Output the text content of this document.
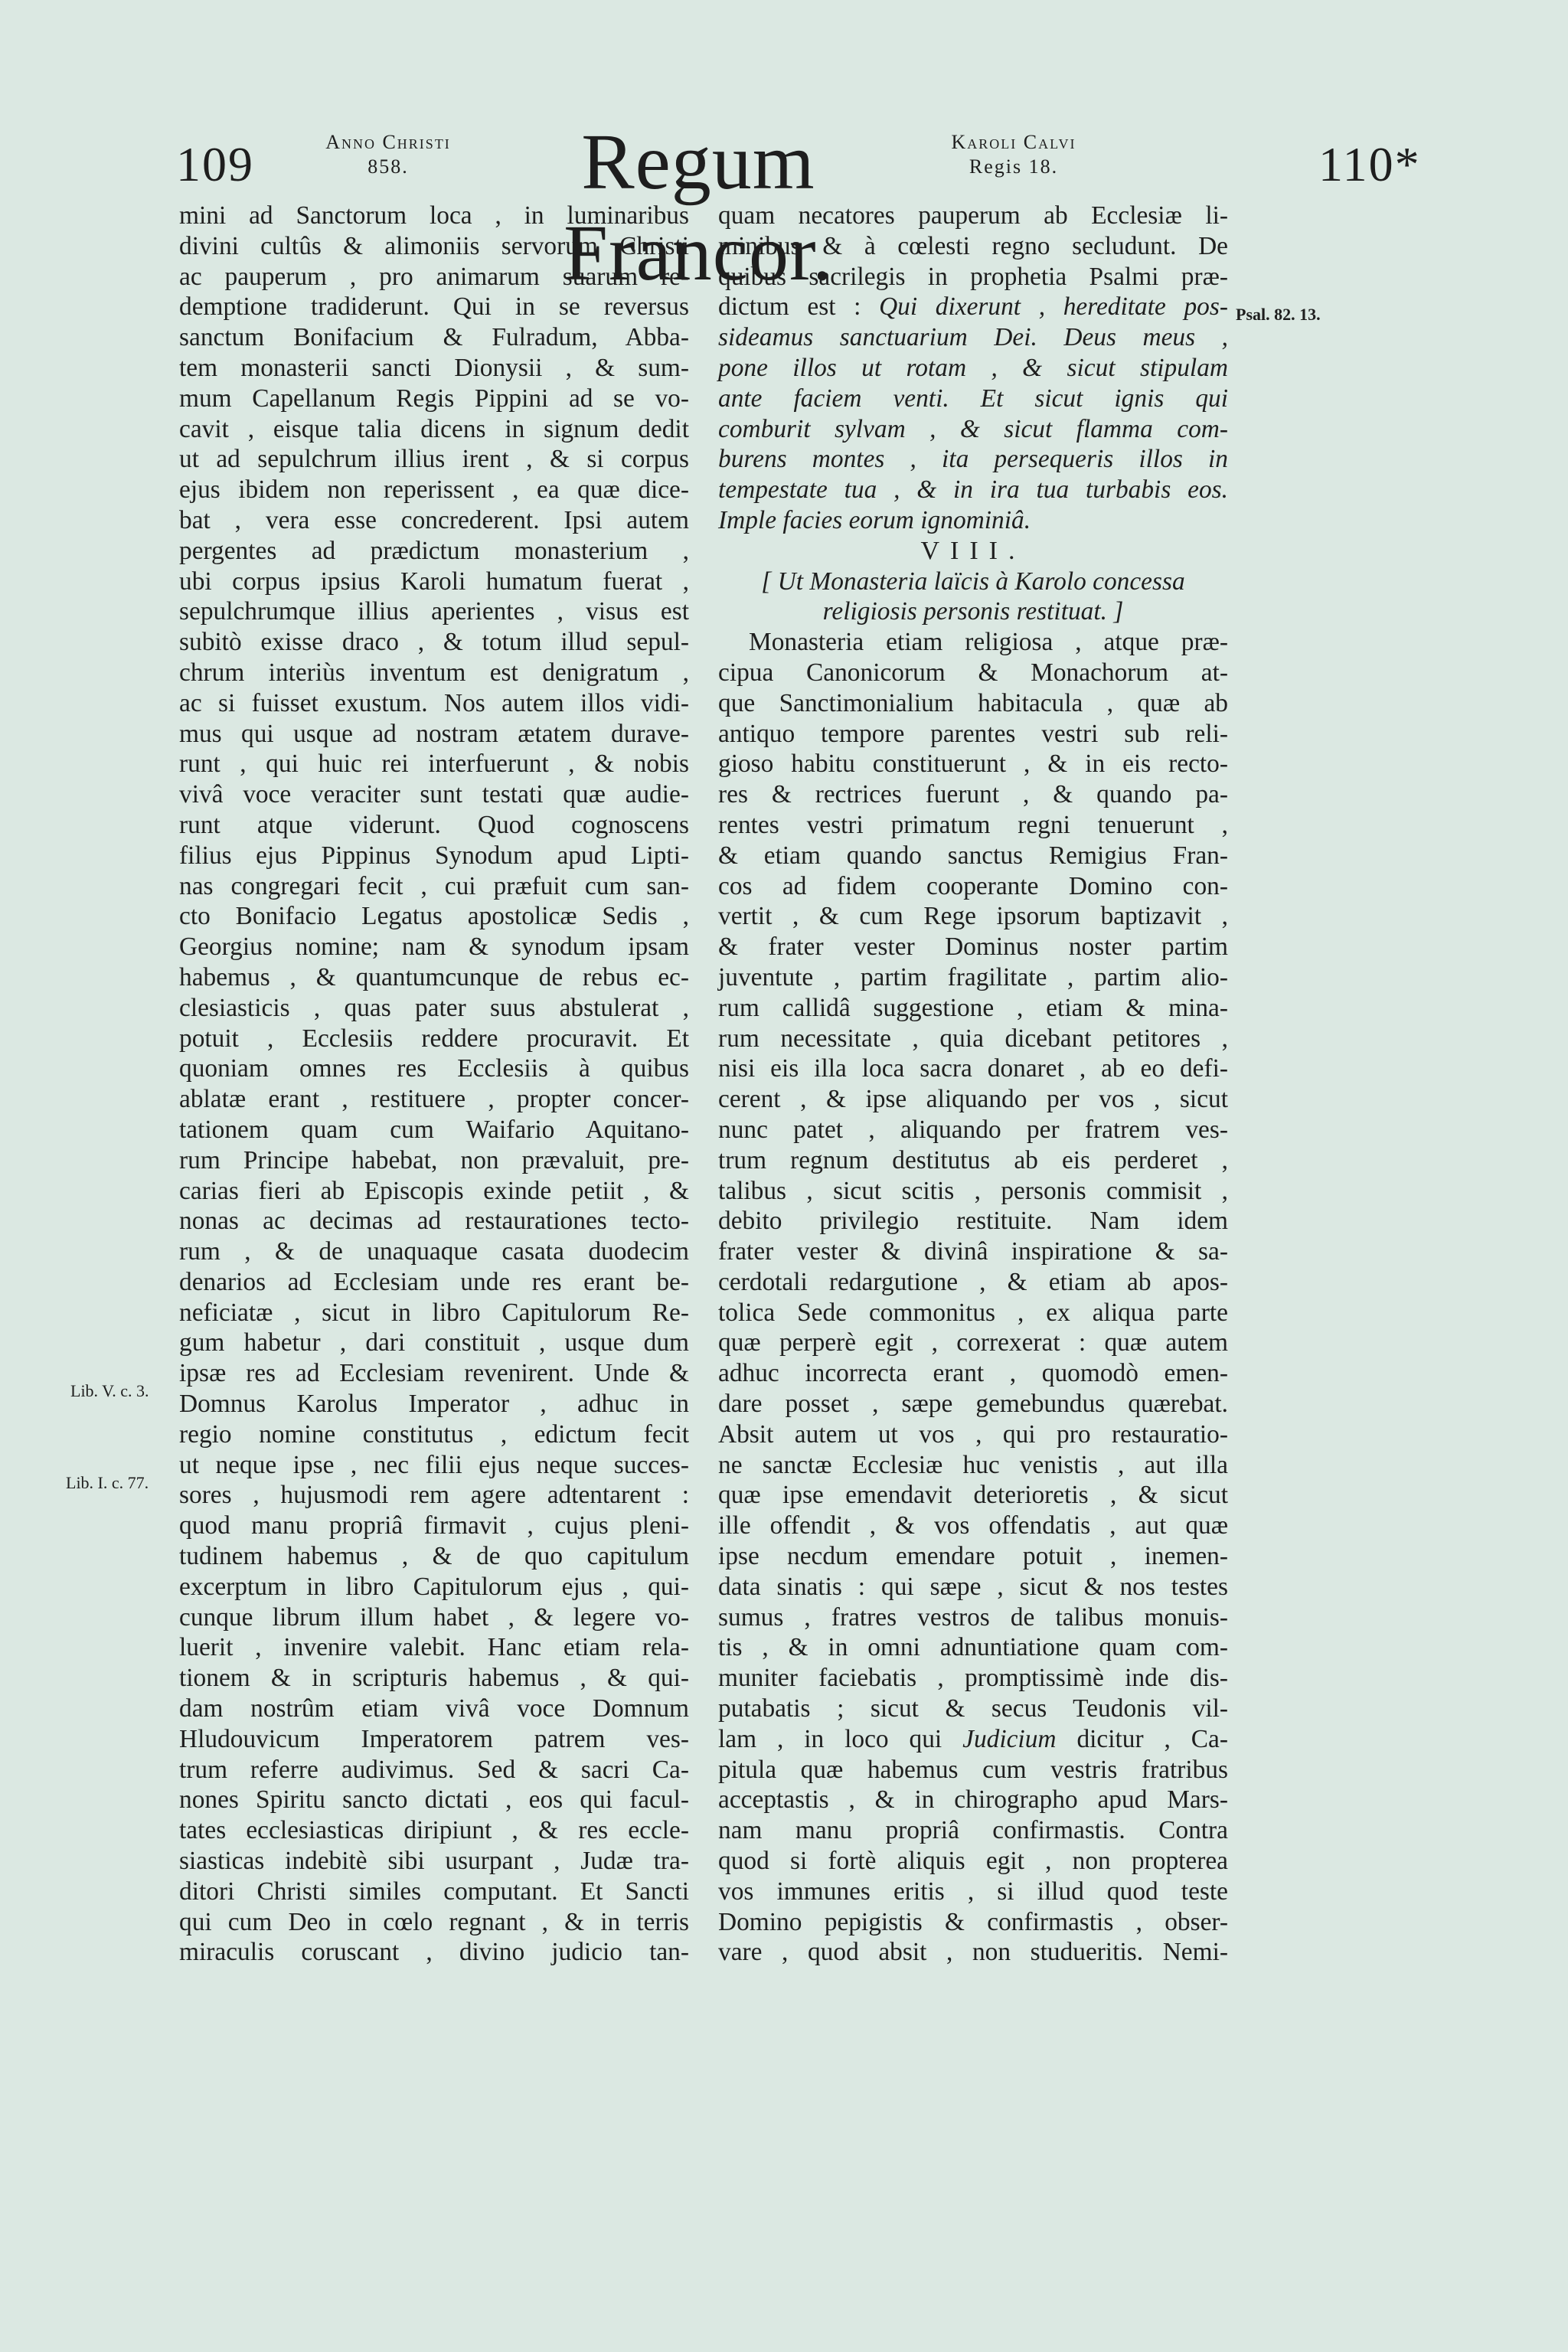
109	Anno Christi
858.	Regum Francor.
Karoli Calvi
Regis 18.	110*
Lib. V. c. 3.
Lib. I. c. 77.
Psal. 82. 13.
mini ad Sanctorum loca , in luminaribus
divini cultûs & alimoniis servorum Christi
ac pauperum , pro animarum suarum re-
demptione tradiderunt. Qui in se reversus
sanctum Bonifacium & Fulradum, Abba-
tem monasterii sancti Dionysii , & sum-
mum Capellanum Regis Pippini ad se vo-
cavit , eisque talia dicens in signum dedit
ut ad sepulchrum illius irent , & si corpus
ejus ibidem non reperissent , ea quæ dice-
bat , vera esse concrederent. Ipsi autem
pergentes ad prædictum monasterium ,
ubi corpus ipsius Karoli humatum fuerat ,
sepulchrumque illius aperientes , visus est
subitò exisse draco , & totum illud sepul-
chrum interiùs inventum est denigratum ,
ac si fuisset exustum. Nos autem illos vidi-
mus qui usque ad nostram ætatem durave-
runt , qui huic rei interfuerunt , & nobis
vivâ voce veraciter sunt testati quæ audie-
runt atque viderunt. Quod cognoscens
filius ejus Pippinus Synodum apud Lipti-
nas congregari fecit , cui præfuit cum san-
cto Bonifacio Legatus apostolicæ Sedis ,
Georgius nomine; nam & synodum ipsam
habemus , & quantumcunque de rebus ec-
clesiasticis , quas pater suus abstulerat ,
potuit , Ecclesiis reddere procuravit. Et
quoniam omnes res Ecclesiis à quibus
ablatæ erant , restituere , propter concer-
tationem quam cum Waifario Aquitano-
rum Principe habebat, non prævaluit, pre-
carias fieri ab Episcopis exinde petiit , &
nonas ac decimas ad restaurationes tecto-
rum , & de unaquaque casata duodecim
denarios ad Ecclesiam unde res erant be-
neficiatæ , sicut in libro Capitulorum Re-
gum habetur , dari constituit , usque dum
ipsæ res ad Ecclesiam revenirent. Unde &
Domnus Karolus Imperator , adhuc in
regio nomine constitutus , edictum fecit
ut neque ipse , nec filii ejus neque succes-
sores , hujusmodi rem agere adtentarent :
quod manu propriâ firmavit , cujus pleni-
tudinem habemus , & de quo capitulum
excerptum in libro Capitulorum ejus , qui-
cunque librum illum habet , & legere vo-
luerit , invenire valebit. Hanc etiam rela-
tionem & in scripturis habemus , & qui-
dam nostrûm etiam vivâ voce Domnum
Hludouvicum Imperatorem patrem ves-
trum referre audivimus. Sed & sacri Ca-
nones Spiritu sancto dictati , eos qui facul-
tates ecclesiasticas diripiunt , & res eccle-
siasticas indebitè sibi usurpant , Judæ tra-
ditori Christi similes computant. Et Sancti
qui cum Deo in cœlo regnant , & in terris
miraculis coruscant , divino judicio tan-
quam necatores pauperum ab Ecclesiæ li-
minibus & à cœlesti regno secludunt. De
quibus sacrilegis in prophetia Psalmi præ-
dictum est : Qui dixerunt , hereditate pos-
sideamus sanctuarium Dei. Deus meus ,
pone illos ut rotam , & sicut stipulam
ante faciem venti. Et sicut ignis qui
comburit sylvam , & sicut flamma com-
burens montes , ita persequeris illos in
tempestate tua , & in ira tua turbabis eos.
Imple facies eorum ignominiâ.
VIII.
[ Ut Monasteria laïcis à Karolo concessa
religiosis personis restituat. ]
Monasteria etiam religiosa , atque præ-
cipua Canonicorum & Monachorum at-
que Sanctimonialium habitacula , quæ ab
antiquo tempore parentes vestri sub reli-
gioso habitu constituerunt , & in eis recto-
res & rectrices fuerunt , & quando pa-
rentes vestri primatum regni tenuerunt ,
& etiam quando sanctus Remigius Fran-
cos ad fidem cooperante Domino con-
vertit , & cum Rege ipsorum baptizavit ,
& frater vester Dominus noster partim
juventute , partim fragilitate , partim alio-
rum callidâ suggestione , etiam & mina-
rum necessitate , quia dicebant petitores ,
nisi eis illa loca sacra donaret , ab eo defi-
cerent , & ipse aliquando per vos , sicut
nunc patet , aliquando per fratrem ves-
trum regnum destitutus ab eis perderet ,
talibus , sicut scitis , personis commisit ,
debito privilegio restituite. Nam idem
frater vester & divinâ inspiratione & sa-
cerdotali redargutione , & etiam ab apos-
tolica Sede commonitus , ex aliqua parte
quæ perperè egit , correxerat : quæ autem
adhuc incorrecta erant , quomodò emen-
dare posset , sæpe gemebundus quærebat.
Absit autem ut vos , qui pro restauratio-
ne sanctæ Ecclesiæ huc venistis , aut illa
quæ ipse emendavit deterioretis , & sicut
ille offendit , & vos offendatis , aut quæ
ipse necdum emendare potuit , inemen-
data sinatis : qui sæpe , sicut & nos testes
sumus , fratres vestros de talibus monuis-
tis , & in omni adnuntiatione quam com-
muniter faciebatis , promptissimè inde dis-
putabatis ; sicut & secus Teudonis vil-
lam , in loco qui Judicium dicitur , Ca-
pitula quæ habemus cum vestris fratribus
acceptastis , & in chirographo apud Mars-
nam manu propriâ confirmastis. Contra
quod si fortè aliquis egit , non propterea
vos immunes eritis , si illud quod teste
Domino pepigistis & confirmastis , obser-
vare , quod absit , non studueritis. Nemi-
